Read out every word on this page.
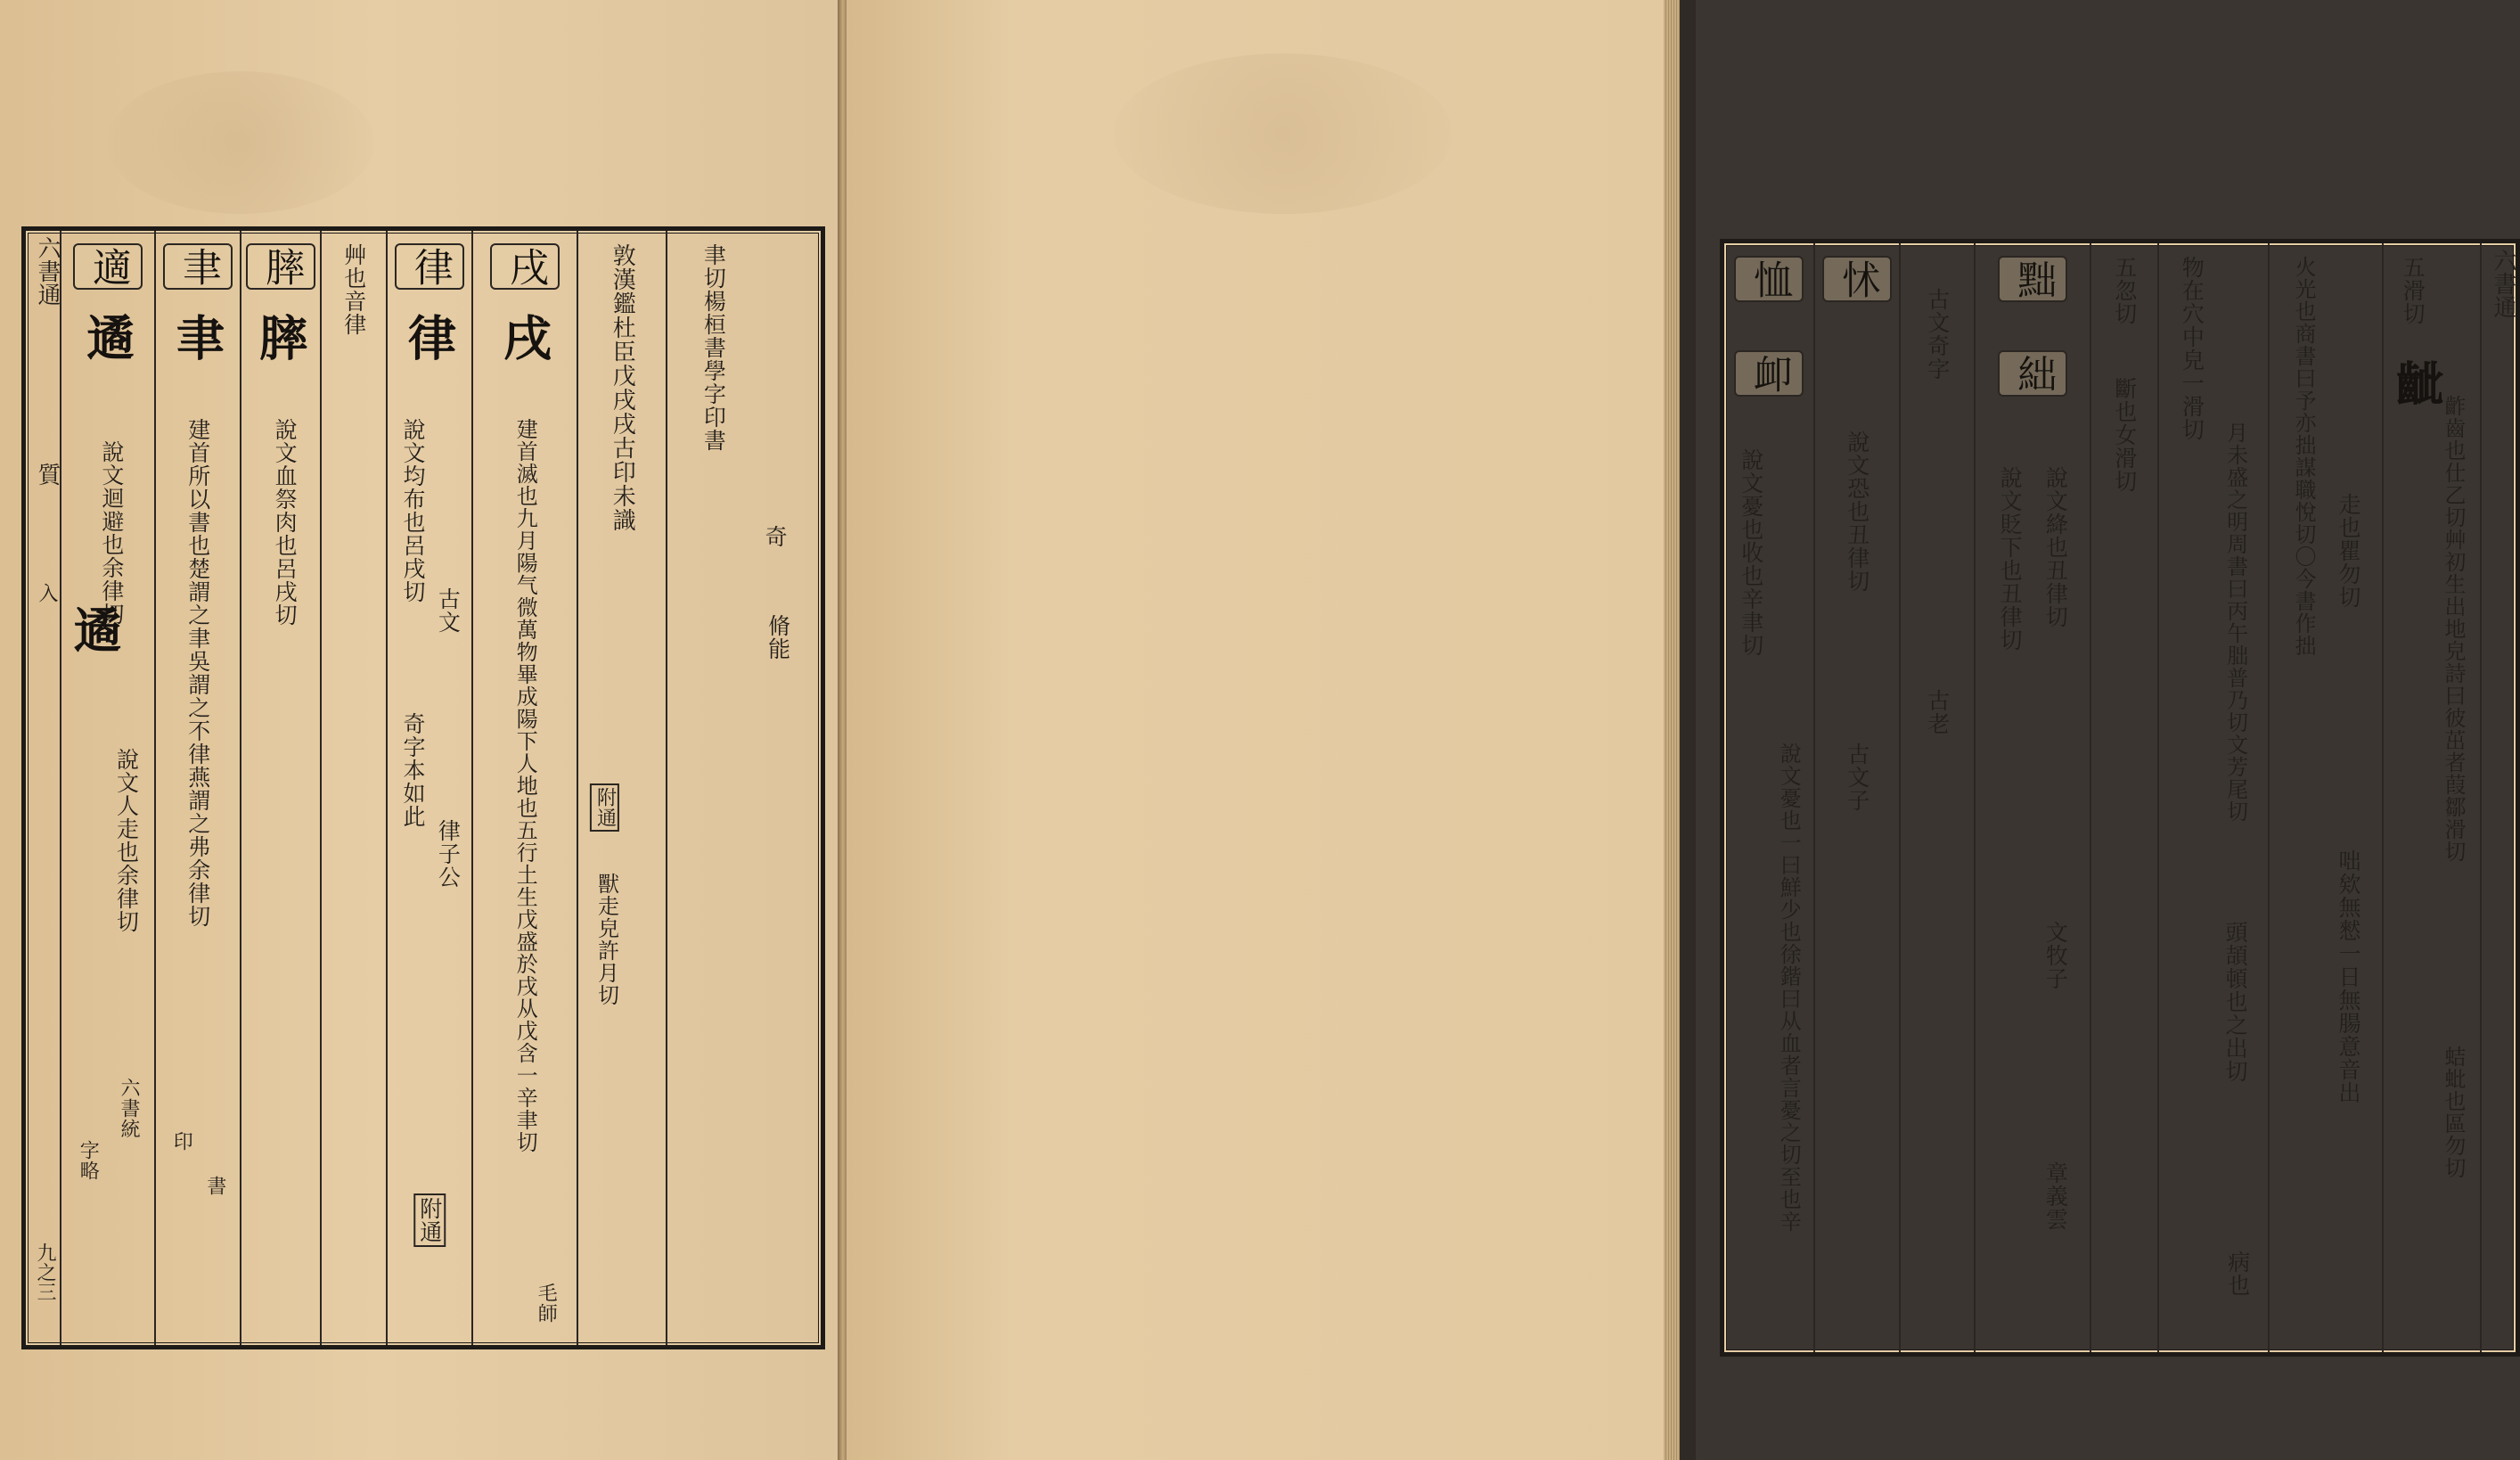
六書通
質
入
九之三
適
遹
說文迴避也余律切
遹
說文人走也余律切
六書統
字略
聿
聿
建首所以書也楚謂之聿吳謂之不律燕謂之弗余律切
書
印
膟
膟
說文血祭肉也呂戌切
艸也音律	律
律
說文均布也呂戌切
古文
奇字本如此
律子公
附通
戌
戌
建首滅也九月陽气微萬物畢成陽下人地也五行土生戊盛於戌从戊含一辛聿切
毛師
敦漢鑑杜臣戊戌戌古印未識
附通
獸走皃許月切
聿切楊桓書學字印書
奇
脩能
恤
卹
說文憂也收也辛聿切
說文憂也一曰鮮少也徐鍇曰从血者言憂之切至也辛
怵
說文恐也丑律切
古文子
古文奇字
古老
黜
絀
說文貶下也丑律切 說文絳也丑律切
文牧子
章義雲
五忽切
斷也女滑切 物在穴中皃一滑切
月未盛之明周書曰丙午朏普乃切文芳尾切
頭頡頓也之出切
病也
火光也商書曰予亦拙謀職悅切〇今書作拙 走也瞿勿切
咄欸無憖一日無腸意音出
五滑切
齜
齚齒也仕乙切
艸初生出地皃詩曰彼茁者葭鄒滑切
蛣蚍也區勿切
六書通
